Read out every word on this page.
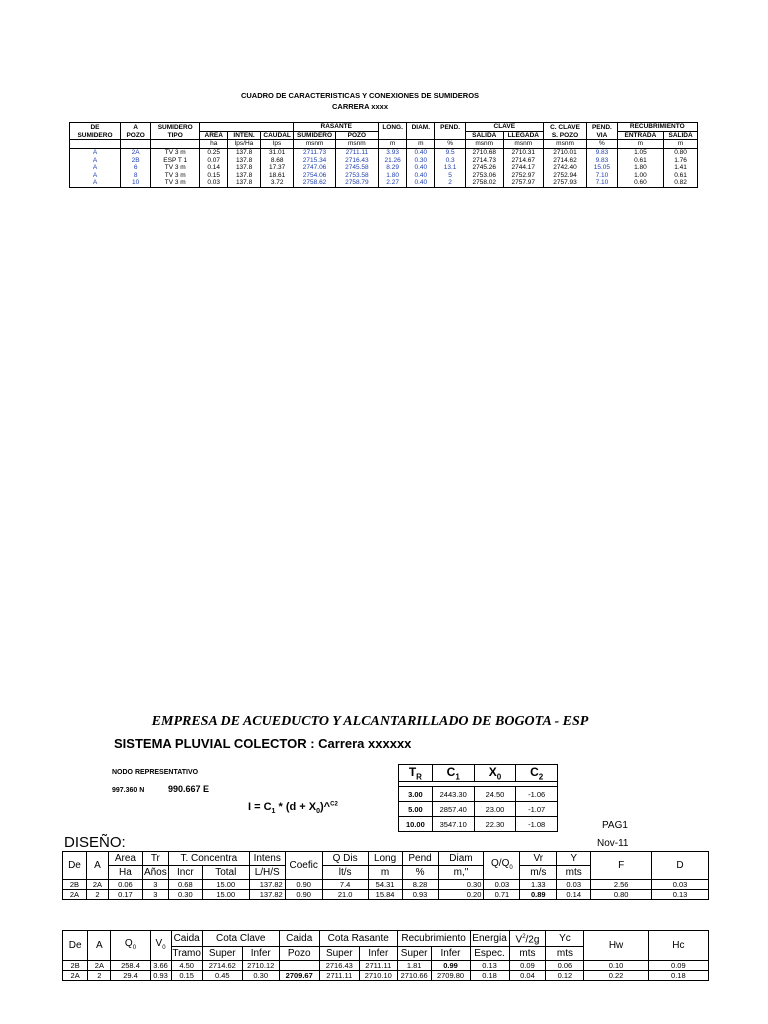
CUADRO DE CARACTERISTICAS Y CONEXIONES DE SUMIDEROS
CARRERA xxxx
DE	A	SUMIDERO				RASANTE		LONG.	DIAM.	PEND.	CLAVE		C. CLAVE	PEND.	RECUBRIMIENTO	
SUMIDERO	POZO	TIPO	AREA	INTEN.	CAUDAL	SUMIDERO	POZO				SALIDA	LLEGADA	S. POZO	VIA	ENTRADA	SALIDA
			ha	lps/Ha	lps	msnm	msnm	m	m	%	msnm	msnm	msnm	%	m	m
A	2A	TV 3 m	0.25	137.8	31.01	2711.73	2711.11	3.93	0.40	9.5	2710.68	2710.31	2710.01	9.83	1.05	0.80
A	2B	ESP T 1	0.07	137.8	8.68	2715.34	2716.43	21.26	0.30	0.3	2714.73	2714.67	2714.62	9.83	0.61	1.76
A	6	TV 3 m	0.14	137.8	17.37	2747.06	2745.58	8.29	0.40	13.1	2745.26	2744.17	2742.40	15.05	1.80	1.41
A	8	TV 3 m	0.15	137.8	18.61	2754.06	2753.58	1.80	0.40	5	2753.06	2752.97	2752.94	7.10	1.00	0.61
A	10	TV 3 m	0.03	137.8	3.72	2758.62	2758.79	2.27	0.40	2	2758.02	2757.97	2757.93	7.10	0.60	0.82
EMPRESA DE ACUEDUCTO Y ALCANTARILLADO DE BOGOTA - ESP
SISTEMA PLUVIAL COLECTOR : Carrera xxxxxx
NODO REPRESENTATIVO
997.360 N	990.667 E
$I = C_1 * (d$ + $X_0)\^{}^{C2}$
$T_R$	$C_1$	$X_0$	$C_2$

3.00	2443.30	24.50	-1.06
5.00	2857.40	23.00	-1.07
10.00	3547.10	22.30	-1.08	PAG1
Nov-11
DISEÑO:
De	A	Area	Tr	T. Concentra		Intens	Coefic	Q Dis	Long	Pend	Diam	$Q/Q_0$	Vr	Y	F	D
		Ha	Años	Incr	Total	L/H/S		lt/s	m	%	m,"		m/s	mts		
2B	2A	0.06	3	0.68	15.00	137.82	0.90	7.4	54.31	8.28	0.30	0.03	1.33	0.03	2.56	0.03
2A	2	0.17	3	0.30	15.00	137.82	0.90	21.0	15.84	0.93	0.20	0.71	0.89	0.14	0.80	0.13
De	A	$Q_0$	$V_0$	Caida	Cota Clave		Caida	Cota Rasante		Recubrimiento		Energia	$V^2/2g$	Yc	Hw	Hc
				Tramo	Super	Infer	Pozo	Super	Infer	Super	Infer	Espec.	mts	mts		
2B	2A	258.4	3.66	4.50	2714.62	2710.12		2716.43	2711.11	1.81	0.99	0.13	0.09	0.06	0.10	0.09
2A	2	29.4	0.93	0.15	0.45	0.30	2709.67	2711.11	2710.10	2710.66	2709.80	0.18	0.04	0.12	0.22	0.18
